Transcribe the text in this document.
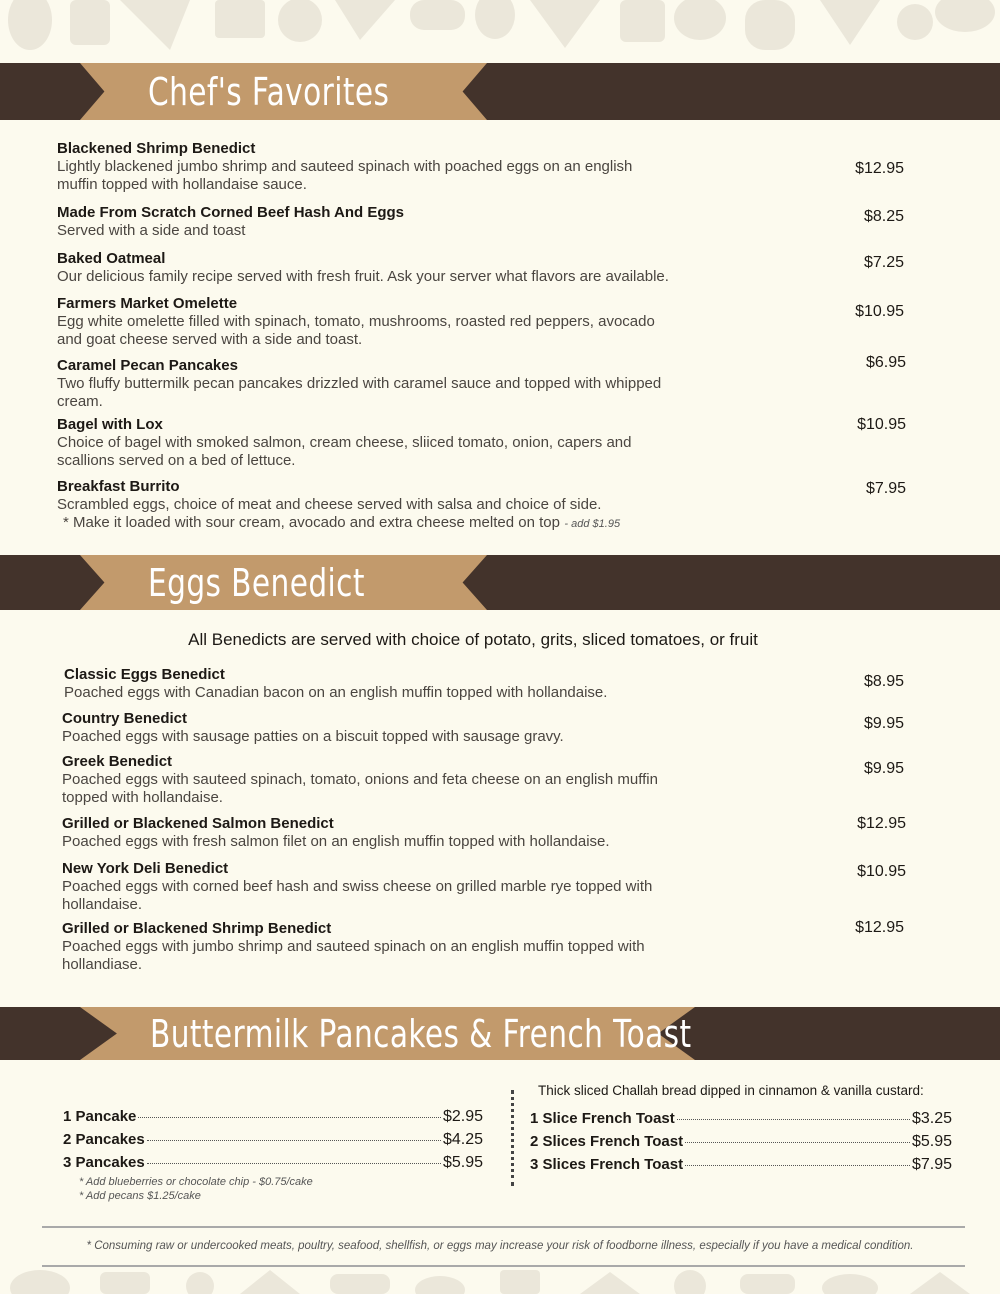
Chef's Favorites
Blackened Shrimp Benedict
Lightly blackened jumbo shrimp and sauteed spinach with poached eggs on an english
muffin topped with hollandaise sauce.
$12.95
Made From Scratch Corned Beef Hash And Eggs
Served with a side and toast
$8.25
Baked Oatmeal
Our delicious family recipe served with fresh fruit. Ask your server what flavors are available.
$7.25
Farmers Market Omelette
Egg white omelette filled with spinach, tomato, mushrooms, roasted red peppers, avocado
and goat cheese served with a side and toast.
$10.95
Caramel Pecan Pancakes
Two fluffy buttermilk pecan pancakes drizzled with caramel sauce and topped with whipped
cream.
$6.95
Bagel with Lox
Choice of bagel with smoked salmon, cream cheese, sliiced tomato, onion, capers and
scallions served on a bed of lettuce.
$10.95
Breakfast Burrito
Scrambled eggs, choice of meat and cheese served with salsa and choice of side.
* Make it loaded with sour cream, avocado and extra cheese melted on top - add $1.95
$7.95
Eggs Benedict
All Benedicts are served with choice of potato, grits, sliced tomatoes, or fruit
Classic Eggs Benedict
Poached eggs with Canadian bacon on an english muffin topped with hollandaise.
$8.95
Country Benedict
Poached eggs with sausage patties on a biscuit topped with sausage gravy.
$9.95
Greek Benedict
Poached eggs with sauteed spinach, tomato, onions and feta cheese on an english muffin
topped with hollandaise.
$9.95
Grilled or Blackened Salmon Benedict
Poached eggs with fresh salmon filet on an english muffin topped with hollandaise.
$12.95
New York Deli Benedict
Poached eggs with corned beef hash and swiss cheese on grilled marble rye topped with
hollandaise.
$10.95
Grilled or Blackened Shrimp Benedict
Poached eggs with jumbo shrimp and sauteed spinach on an english muffin topped with
hollandiase.
$12.95
Buttermilk Pancakes & French Toast
1 Pancake	$2.95
2 Pancakes	$4.25
3 Pancakes	$5.95
* Add blueberries or chocolate chip - $0.75/cake
* Add pecans $1.25/cake
Thick sliced Challah bread dipped in cinnamon & vanilla custard:
1 Slice French Toast	$3.25
2 Slices French Toast	$5.95
3 Slices French Toast	$7.95
* Consuming raw or undercooked meats, poultry, seafood, shellfish, or eggs may increase your risk of foodborne illness, especially if you have a medical condition.
